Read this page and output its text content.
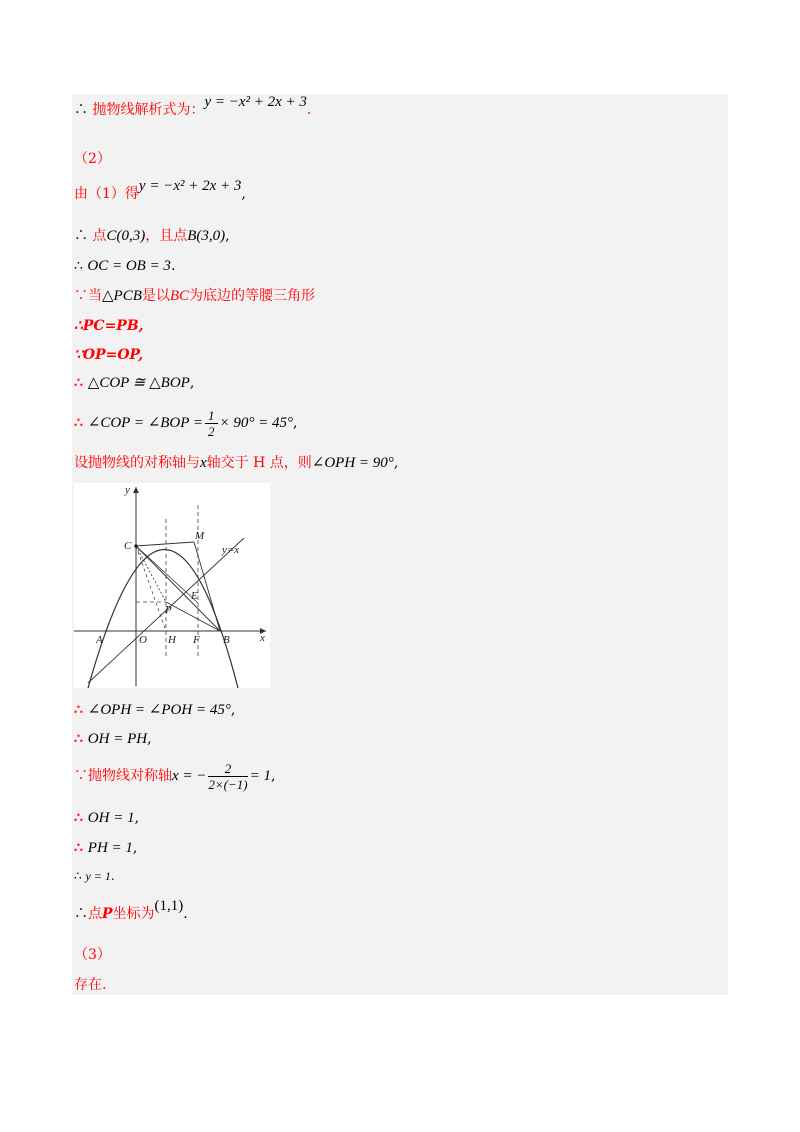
∴ 抛物线解析式为：y = −x² + 2x + 3.
（2）
由（1）得y = −x² + 2x + 3,
∴ 点C(0,3)，且点B(3,0),
∴ OC = OB = 3.
∵当△PCB是以BC为底边的等腰三角形
∴PC=PB,
∵OP=OP,
∴ △COP ≅ △BOP,
∴ ∠COP = ∠BOP = $\frac{1}{2} \times 90^\circ = 45^\circ$,
设抛物线的对称轴与x轴交于 H 点，则∠OPH = 90°,
y
x
C
M
y=x
E
P
A	O H F B
∴ ∠OPH = ∠POH = 45°,
∴ OH = PH,
∵抛物线对称轴x = − $\frac{2}{2\times(-1)} = 1$,
∴ OH = 1,
∴ PH = 1,
∴ y = 1.
∴点P坐标为(1,1).
（3）
存在.
